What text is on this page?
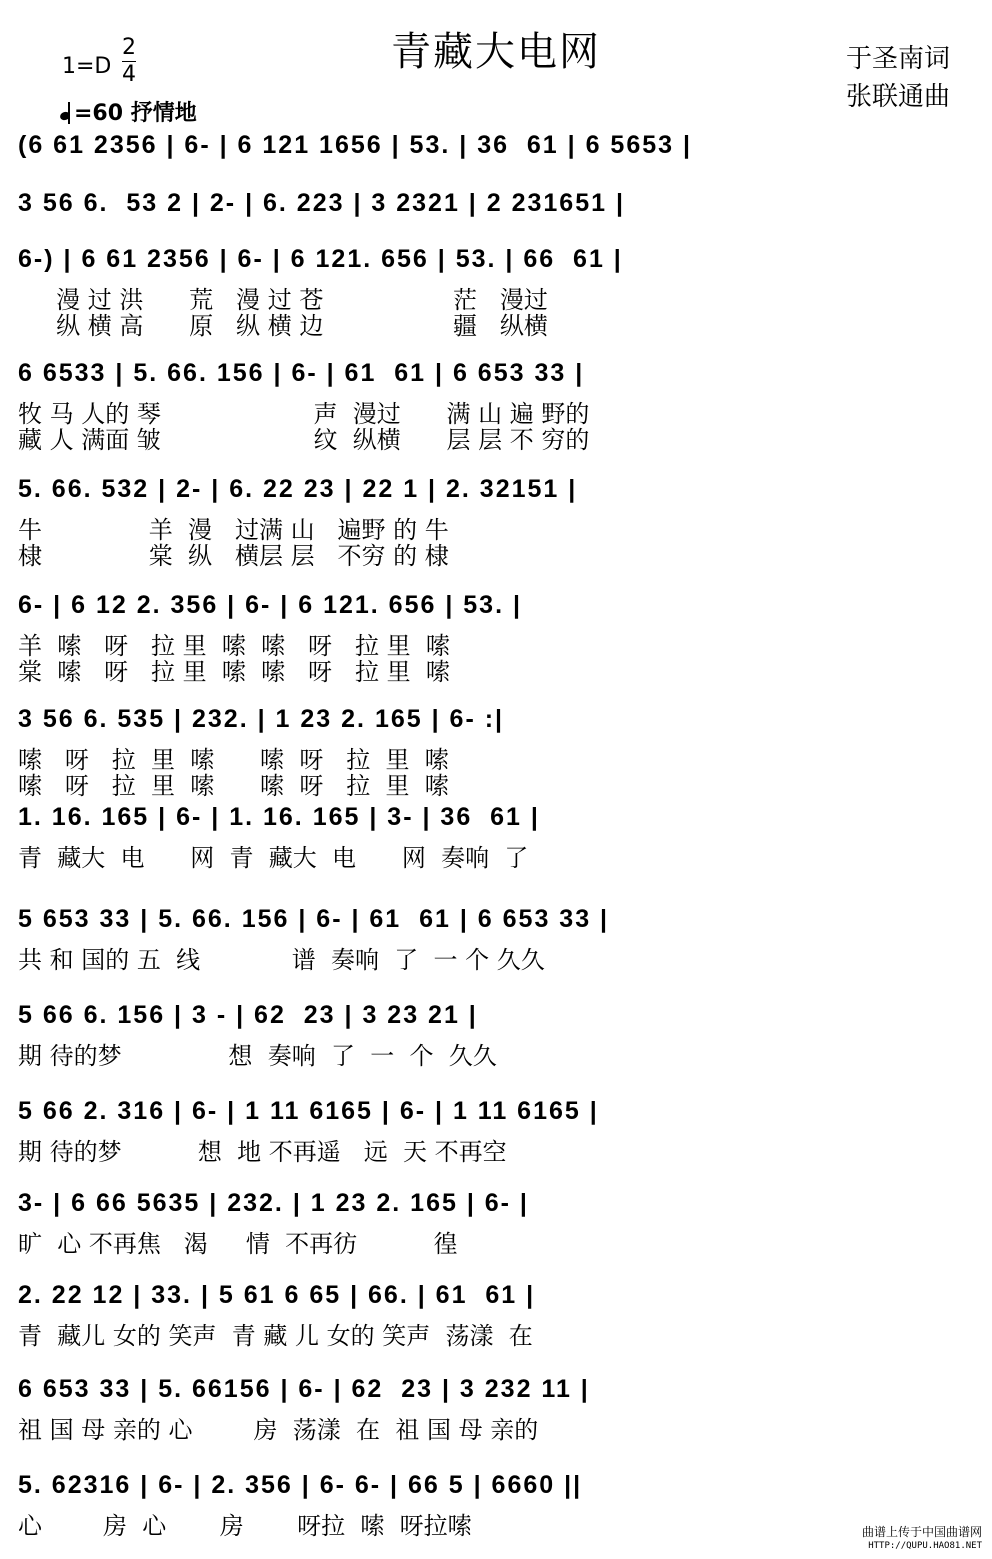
青藏大电网	于圣南词
张联通曲
1=D
2
4
=60 抒情地
(6 61 2356 | 6- | 6 121 1656 | 53. | 36  61 | 6 5653 |
3 56 6.  53 2 | 2- | 6. 223 | 3 2321 | 2 231651 |
6-) | 6 61 2356 | 6- | 6 121. 656 | 53. | 66  61 |
漫 过 洪      荒   漫 过 苍                 茫   漫过
纵 横 高      原   纵 横 边                 疆   纵横
6 6533 | 5. 66. 156 | 6- | 61  61 | 6 653 33 |
牧 马 人的 琴                    声  漫过      满 山 遍 野的
藏 人 满面 皱                    纹  纵横      层 层 不 穷的
5. 66. 532 | 2- | 6. 22 23 | 22 1 | 2. 32151 |
牛              羊  漫   过满 山   遍野 的 牛
棣              棠  纵   横层 层   不穷 的 棣
6- | 6 12 2. 356 | 6- | 6 121. 656 | 53. |
羊  嗦   呀   拉 里  嗦  嗦   呀   拉 里  嗦
棠  嗦   呀   拉 里  嗦  嗦   呀   拉 里  嗦
3 56 6. 535 | 232. | 1 23 2. 165 | 6- :|
嗦   呀   拉  里  嗦      嗦  呀   拉  里  嗦
嗦   呀   拉  里  嗦      嗦  呀   拉  里  嗦
1. 16. 165 | 6- | 1. 16. 165 | 3- | 36  61 |
青  藏大  电      网  青  藏大  电      网  奏响  了
5 653 33 | 5. 66. 156 | 6- | 61  61 | 6 653 33 |
共 和 国的 五  线            谱  奏响  了  一 个 久久
5 66 6. 156 | 3 - | 62  23 | 3 23 21 |
期 待的梦              想  奏响  了  一  个  久久
5 66 2. 316 | 6- | 1 11 6165 | 6- | 1 11 6165 |
期 待的梦          想  地 不再遥   远  天 不再空
3- | 6 66 5635 | 232. | 1 23 2. 165 | 6- |
旷  心 不再焦   渴     情  不再彷          徨
2. 22 12 | 33. | 5 61 6 65 | 66. | 61  61 |
青  藏儿 女的 笑声  青 藏 儿 女的 笑声  荡漾  在
6 653 33 | 5. 66156 | 6- | 62  23 | 3 232 11 |
祖 国 母 亲的 心        房  荡漾  在  祖 国 母 亲的
5. 62316 | 6- | 2. 356 | 6- 6- | 66 5 | 6660 ||
心        房  心       房       呀拉  嗦  呀拉嗦	曲谱上传于中国曲谱网
HTTP://QUPU.HAO81.NET
